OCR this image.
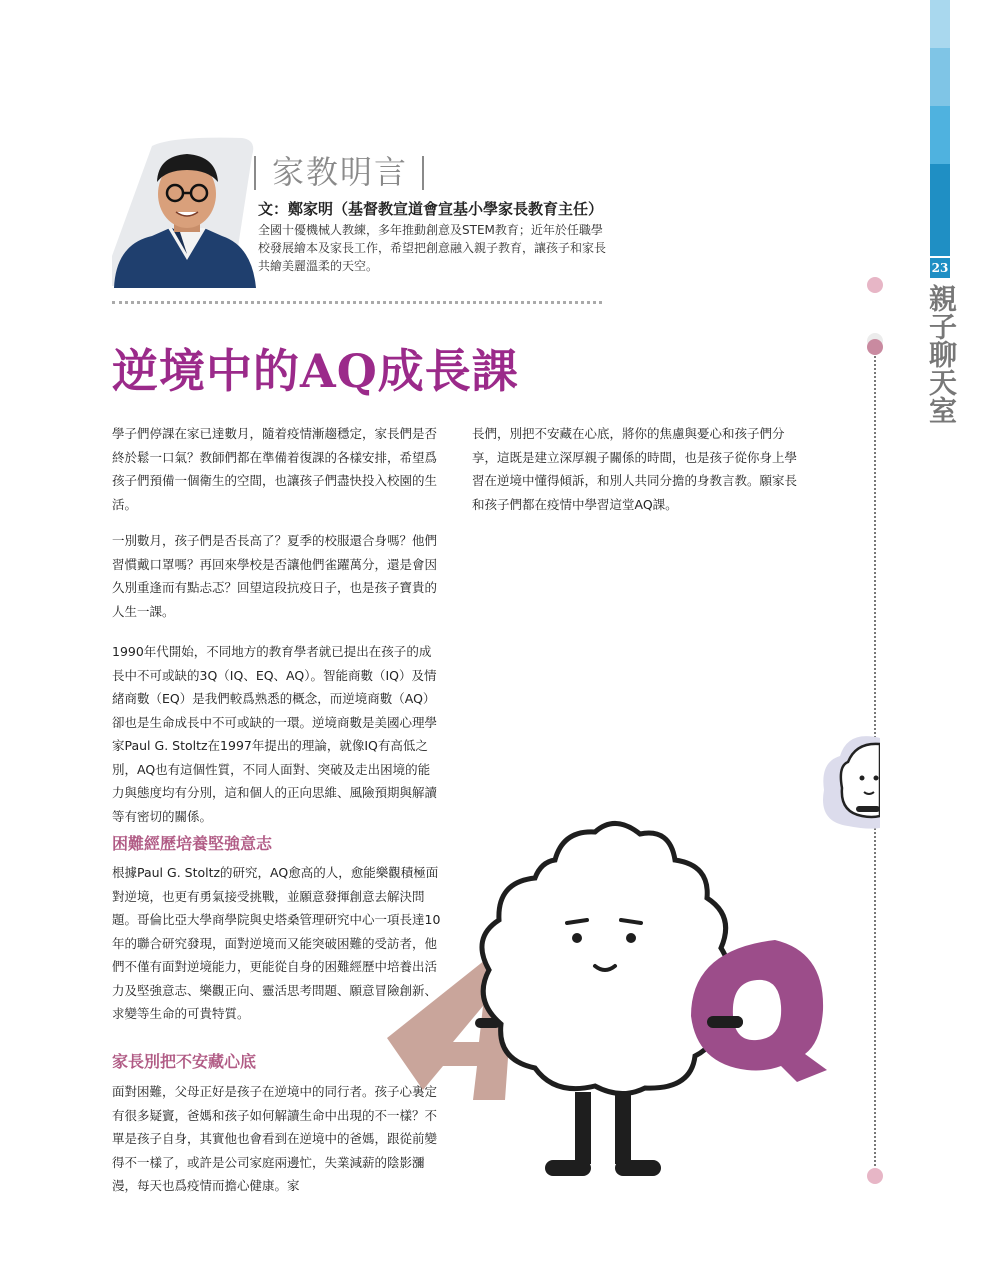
23
親子聊天室
家教明言
文：鄭家明（基督教宣道會宣基小學家長教育主任）
全國十優機械人教練，多年推動創意及STEM教育；近年於任職學校發展繪本及家長工作，希望把創意融入親子教育，讓孩子和家長共繪美麗溫柔的天空。
逆境中的AQ成長課

學子們停課在家已達數月，隨着疫情漸趨穩定，家長們是否終於鬆一口氣？教師們都在準備着復課的各樣安排，希望爲孩子們預備一個衛生的空間，也讓孩子們盡快投入校園的生活。

一別數月，孩子們是否長高了？夏季的校服還合身嗎？他們習慣戴口罩嗎？再回來學校是否讓他們雀躍萬分，還是會因久別重逢而有點忐忑？回望這段抗疫日子，也是孩子寶貴的人生一課。

1990年代開始，不同地方的教育學者就已提出在孩子的成長中不可或缺的3Q（IQ、EQ、AQ）。智能商數（IQ）及情緒商數（EQ）是我們較爲熟悉的概念，而逆境商數（AQ）卻也是生命成長中不可或缺的一環。逆境商數是美國心理學家Paul G. Stoltz在1997年提出的理論，就像IQ有高低之別，AQ也有這個性質，不同人面對、突破及走出困境的能力與態度均有分別，這和個人的正向思維、風險預期與解讀等有密切的關係。

困難經歷培養堅強意志

根據Paul G. Stoltz的研究，AQ愈高的人，愈能樂觀積極面對逆境，也更有勇氣接受挑戰，並願意發揮創意去解決問題。哥倫比亞大學商學院與史塔桑管理研究中心一項長達10年的聯合研究發現，面對逆境而又能突破困難的受訪者，他們不僅有面對逆境能力，更能從自身的困難經歷中培養出活力及堅強意志、樂觀正向、靈活思考問題、願意冒險創新、求變等生命的可貴特質。

家長別把不安藏心底

面對困難，父母正好是孩子在逆境中的同行者。孩子心裏定有很多疑竇，爸媽和孩子如何解讀生命中出現的不一樣？不單是孩子自身，其實他也會看到在逆境中的爸媽，跟從前變得不一樣了，或許是公司家庭兩邊忙，失業減薪的陰影瀰漫，每天也爲疫情而擔心健康。家

長們，別把不安藏在心底，將你的焦慮與憂心和孩子們分享，這既是建立深厚親子關係的時間，也是孩子從你身上學習在逆境中懂得傾訴，和別人共同分擔的身教言教。願家長和孩子們都在疫情中學習這堂AQ課。

A
Q
